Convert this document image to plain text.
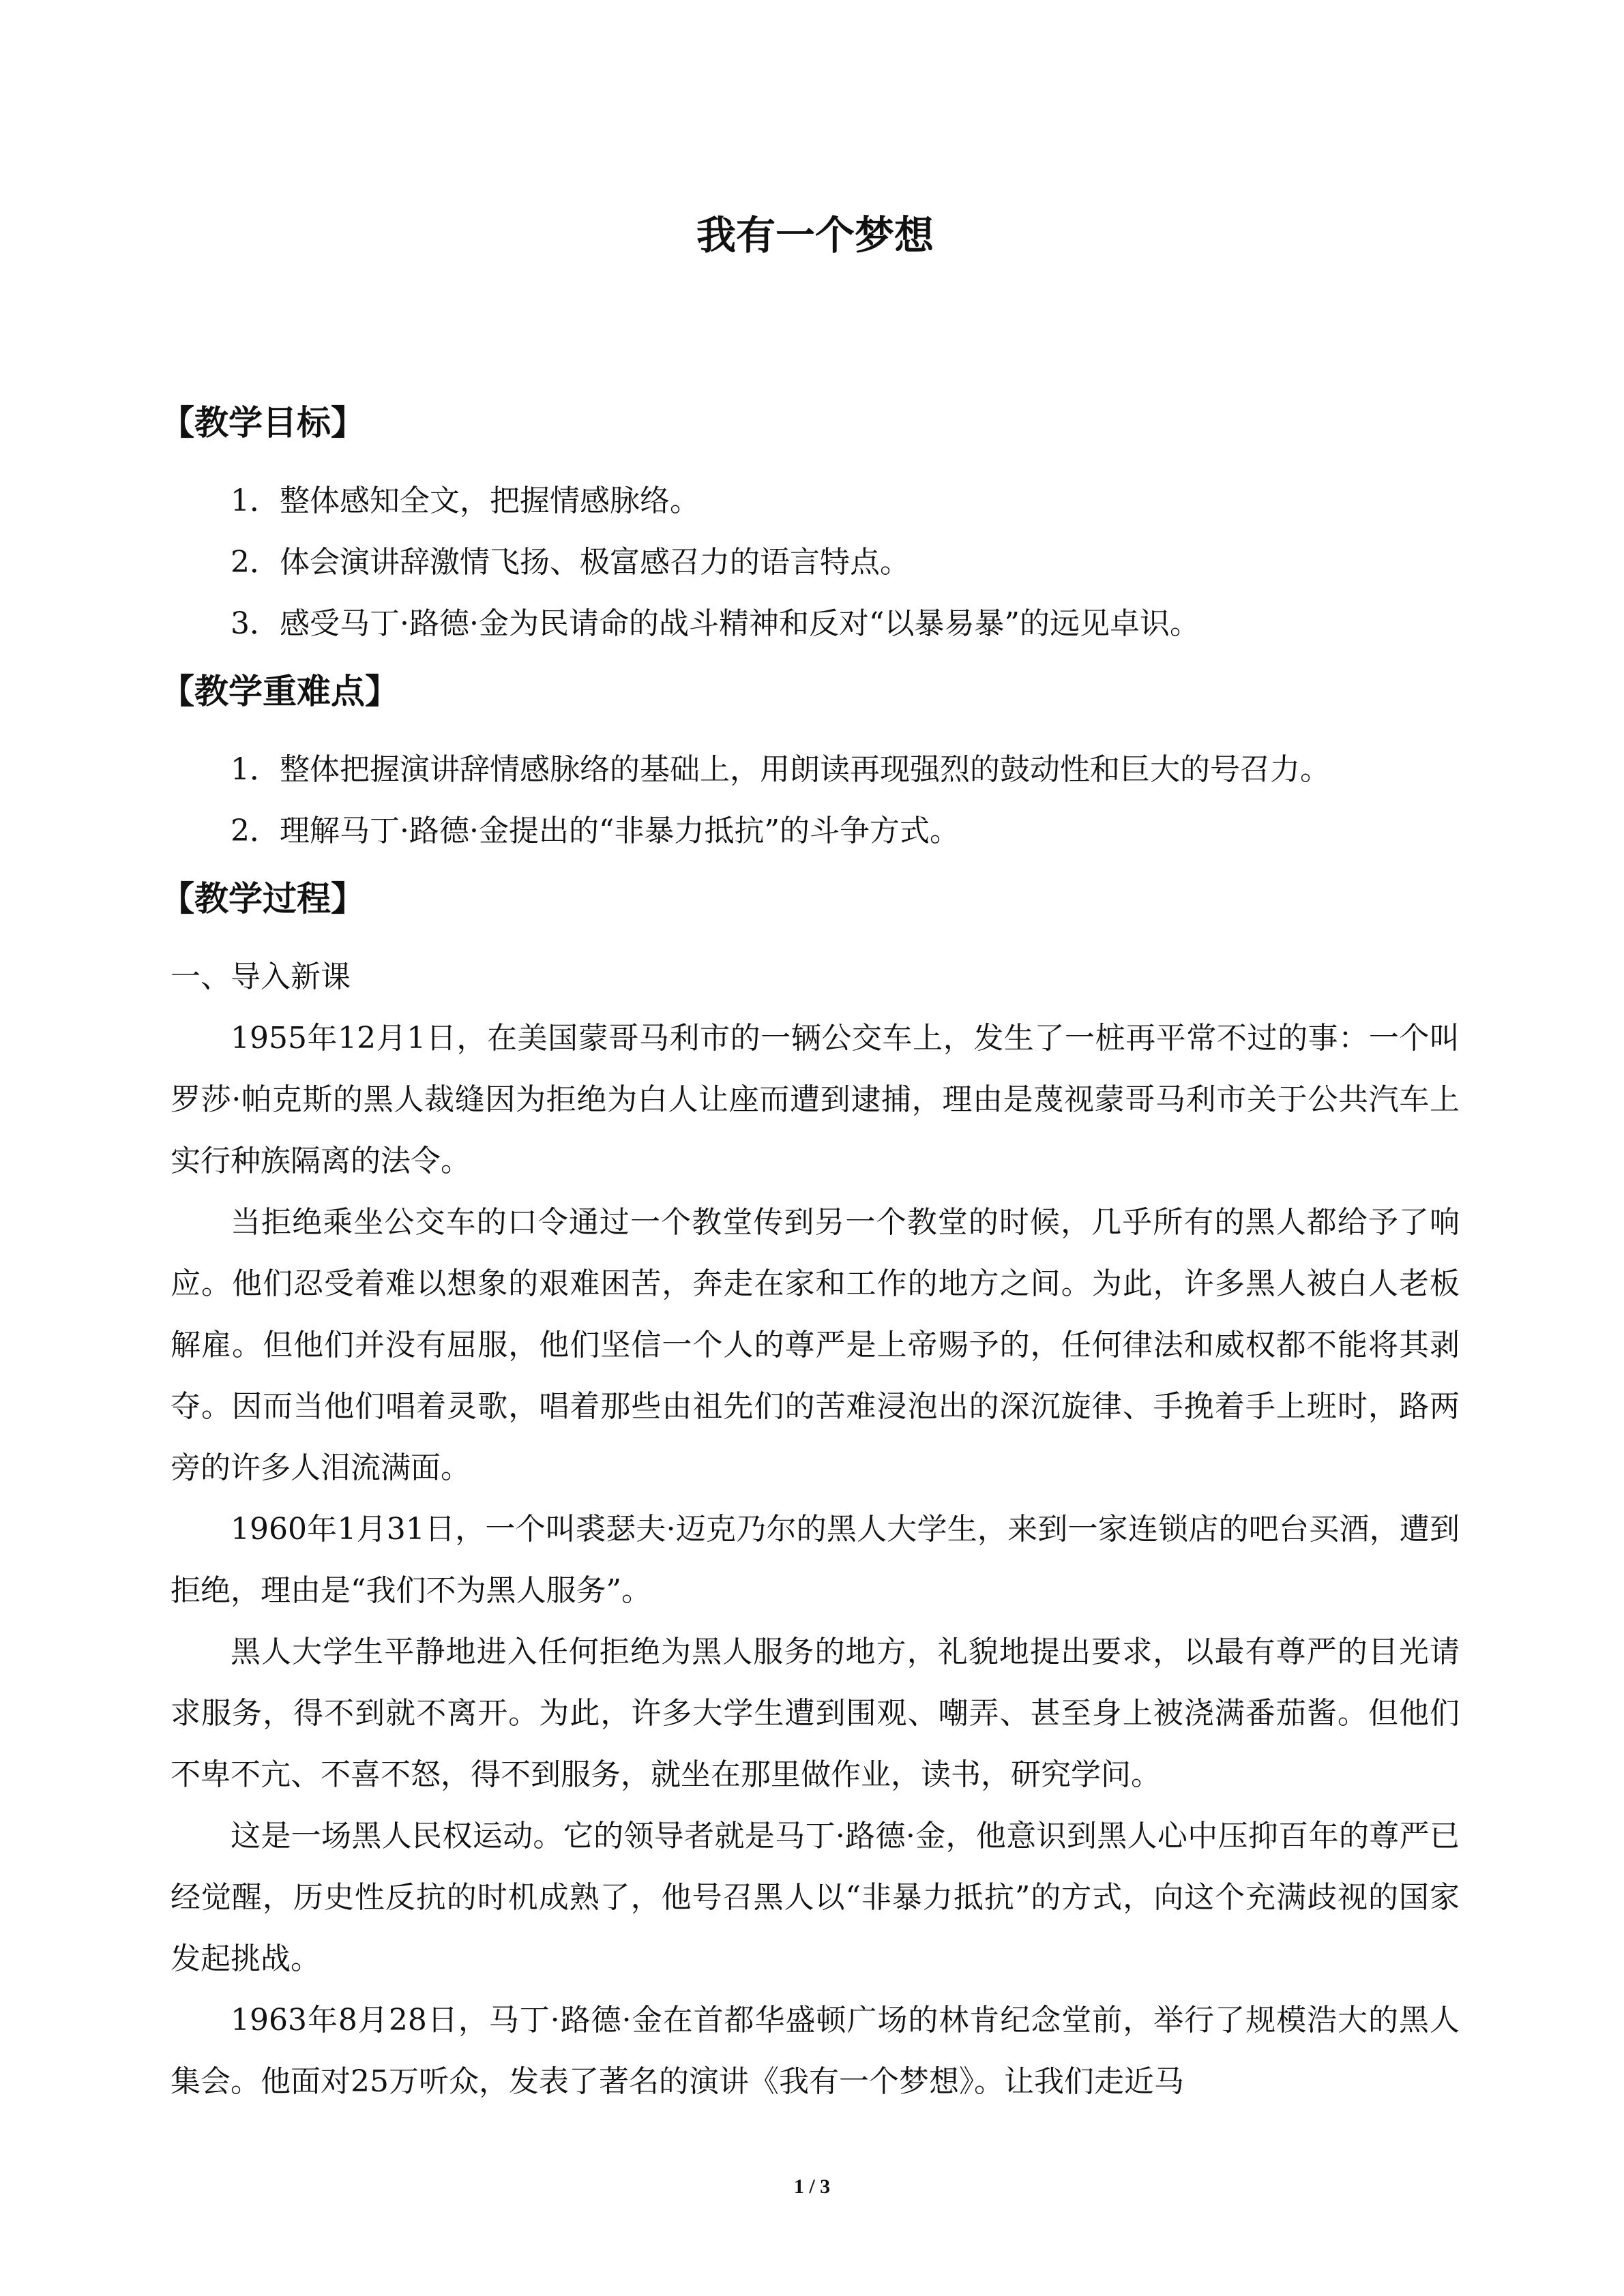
我有一个梦想
【教学目标】
1．整体感知全文，把握情感脉络。
2．体会演讲辞激情飞扬、极富感召力的语言特点。
3．感受马丁·路德·金为民请命的战斗精神和反对“以暴易暴”的远见卓识。
【教学重难点】
1．整体把握演讲辞情感脉络的基础上，用朗读再现强烈的鼓动性和巨大的号召力。
2．理解马丁·路德·金提出的“非暴力抵抗”的斗争方式。
【教学过程】
一、导入新课

1955年12月1日，在美国蒙哥马利市的一辆公交车上，发生了一桩再平常不过的事：一个叫罗莎·帕克斯的黑人裁缝因为拒绝为白人让座而遭到逮捕，理由是蔑视蒙哥马利市关于公共汽车上实行种族隔离的法令。

当拒绝乘坐公交车的口令通过一个教堂传到另一个教堂的时候，几乎所有的黑人都给予了响应。他们忍受着难以想象的艰难困苦，奔走在家和工作的地方之间。为此，许多黑人被白人老板解雇。但他们并没有屈服，他们坚信一个人的尊严是上帝赐予的，任何律法和威权都不能将其剥夺。因而当他们唱着灵歌，唱着那些由祖先们的苦难浸泡出的深沉旋律、手挽着手上班时，路两旁的许多人泪流满面。

1960年1月31日，一个叫裘瑟夫·迈克乃尔的黑人大学生，来到一家连锁店的吧台买酒，遭到拒绝，理由是“我们不为黑人服务”。

黑人大学生平静地进入任何拒绝为黑人服务的地方，礼貌地提出要求，以最有尊严的目光请求服务，得不到就不离开。为此，许多大学生遭到围观、嘲弄、甚至身上被浇满番茄酱。但他们不卑不亢、不喜不怒，得不到服务，就坐在那里做作业，读书，研究学问。

这是一场黑人民权运动。它的领导者就是马丁·路德·金，他意识到黑人心中压抑百年的尊严已经觉醒，历史性反抗的时机成熟了，他号召黑人以“非暴力抵抗”的方式，向这个充满歧视的国家发起挑战。

1963年8月28日，马丁·路德·金在首都华盛顿广场的林肯纪念堂前，举行了规模浩大的黑人集会。他面对25万听众，发表了著名的演讲《我有一个梦想》。让我们走近马

1 / 3
